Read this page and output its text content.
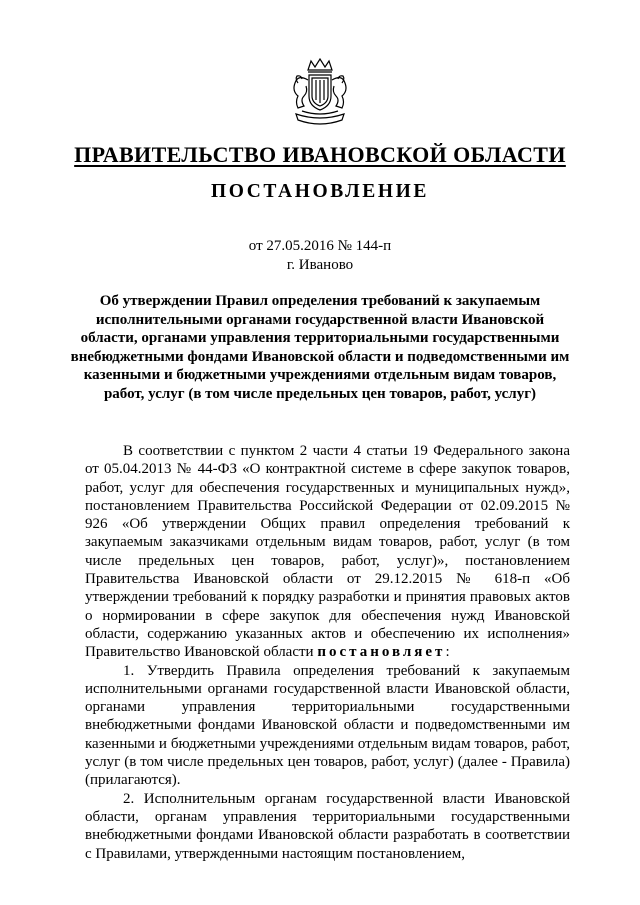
ПРАВИТЕЛЬСТВО ИВАНОВСКОЙ ОБЛАСТИ
ПОСТАНОВЛЕНИЕ
от 27.05.2016 № 144-п
г. Иваново
Об утверждении Правил определения требований к закупаемым исполнительными органами государственной власти Ивановской области, органами управления территориальными государственными внебюджетными фондами Ивановской области и подведомственными им казенными и бюджетными учреждениями отдельным видам товаров, работ, услуг (в том числе предельных цен товаров, работ, услуг)

В соответствии с пунктом 2 части 4 статьи 19 Федерального закона от 05.04.2013 № 44-ФЗ «О контрактной системе в сфере закупок товаров, работ, услуг для обеспечения государственных и муниципальных нужд», постановлением Правительства Российской Федерации от 02.09.2015 № 926 «Об утверждении Общих правил определения требований к закупаемым заказчиками отдельным видам товаров, работ, услуг (в том числе предельных цен товаров, работ, услуг)», постановлением Правительства Ивановской области от 29.12.2015 № 618-п «Об утверждении требований к порядку разработки и принятия правовых актов о нормировании в сфере закупок для обеспечения нужд Ивановской области, содержанию указанных актов и обеспечению их исполнения» Правительство Ивановской области постановляет:

1. Утвердить Правила определения требований к закупаемым исполнительными органами государственной власти Ивановской области, органами управления территориальными государственными внебюджетными фондами Ивановской области и подведомственными им казенными и бюджетными учреждениями отдельным видам товаров, работ, услуг (в том числе предельных цен товаров, работ, услуг) (далее - Правила) (прилагаются).

2. Исполнительным органам государственной власти Ивановской области, органам управления территориальными государственными внебюджетными фондами Ивановской области разработать в соответствии с Правилами, утвержденными настоящим постановлением,
